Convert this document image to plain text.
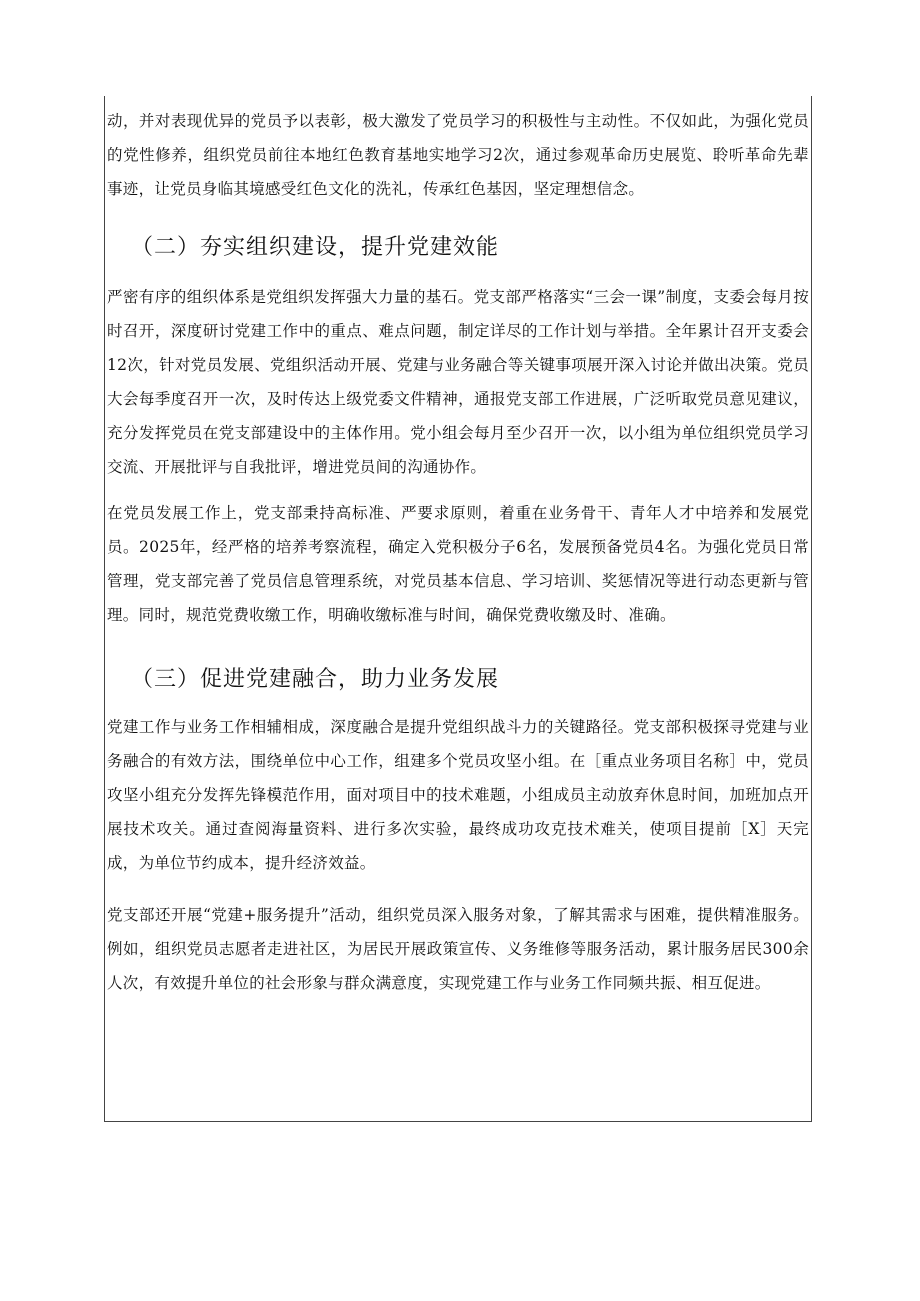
动，并对表现优异的党员予以表彰，极大激发了党员学习的积极性与主动性。不仅如此，为强化党员的党性修养，组织党员前往本地红色教育基地实地学习2次，通过参观革命历史展览、聆听革命先辈事迹，让党员身临其境感受红色文化的洗礼，传承红色基因，坚定理想信念。

（二）夯实组织建设，提升党建效能

严密有序的组织体系是党组织发挥强大力量的基石。党支部严格落实“三会一课”制度，支委会每月按时召开，深度研讨党建工作中的重点、难点问题，制定详尽的工作计划与举措。全年累计召开支委会12次，针对党员发展、党组织活动开展、党建与业务融合等关键事项展开深入讨论并做出决策。党员大会每季度召开一次，及时传达上级党委文件精神，通报党支部工作进展，广泛听取党员意见建议，充分发挥党员在党支部建设中的主体作用。党小组会每月至少召开一次，以小组为单位组织党员学习交流、开展批评与自我批评，增进党员间的沟通协作。

在党员发展工作上，党支部秉持高标准、严要求原则，着重在业务骨干、青年人才中培养和发展党员。2025年，经严格的培养考察流程，确定入党积极分子6名，发展预备党员4名。为强化党员日常管理，党支部完善了党员信息管理系统，对党员基本信息、学习培训、奖惩情况等进行动态更新与管理。同时，规范党费收缴工作，明确收缴标准与时间，确保党费收缴及时、准确。

（三）促进党建融合，助力业务发展

党建工作与业务工作相辅相成，深度融合是提升党组织战斗力的关键路径。党支部积极探寻党建与业务融合的有效方法，围绕单位中心工作，组建多个党员攻坚小组。在［重点业务项目名称］中，党员攻坚小组充分发挥先锋模范作用，面对项目中的技术难题，小组成员主动放弃休息时间，加班加点开展技术攻关。通过查阅海量资料、进行多次实验，最终成功攻克技术难关，使项目提前［X］天完成，为单位节约成本，提升经济效益。

党支部还开展“党建+服务提升”活动，组织党员深入服务对象，了解其需求与困难，提供精准服务。例如，组织党员志愿者走进社区，为居民开展政策宣传、义务维修等服务活动，累计服务居民300余人次，有效提升单位的社会形象与群众满意度，实现党建工作与业务工作同频共振、相互促进。
